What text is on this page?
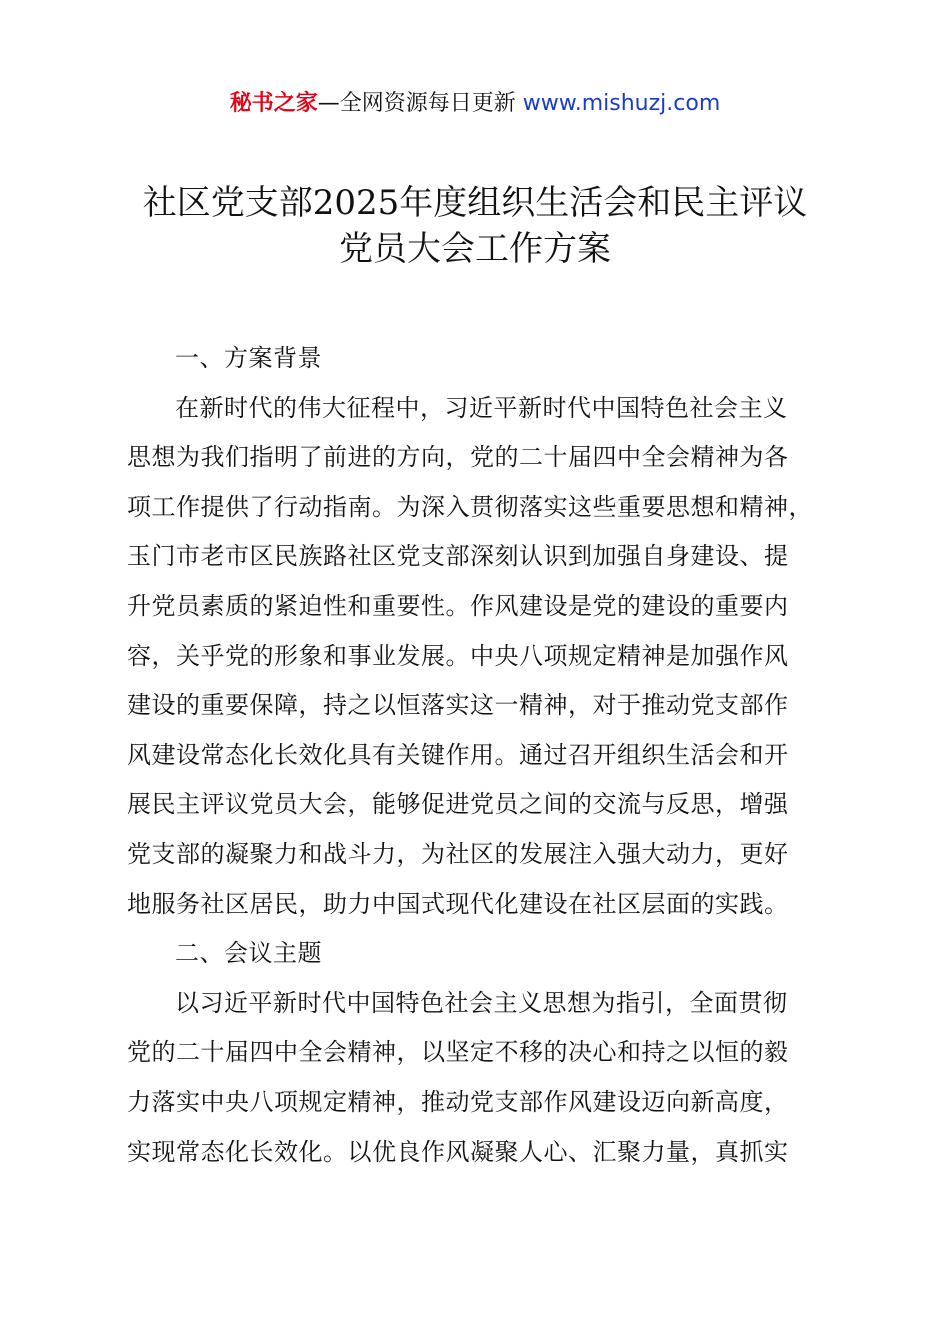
秘书之家—全网资源每日更新 www.mishuzj.com
社区党支部2025年度组织生活会和民主评议
党员大会工作方案
一、方案背景

在新时代的伟大征程中，习近平新时代中国特色社会主义
思想为我们指明了前进的方向，党的二十届四中全会精神为各
项工作提供了行动指南。为深入贯彻落实这些重要思想和精神，
玉门市老市区民族路社区党支部深刻认识到加强自身建设、提
升党员素质的紧迫性和重要性。作风建设是党的建设的重要内
容，关乎党的形象和事业发展。中央八项规定精神是加强作风
建设的重要保障，持之以恒落实这一精神，对于推动党支部作
风建设常态化长效化具有关键作用。通过召开组织生活会和开
展民主评议党员大会，能够促进党员之间的交流与反思，增强
党支部的凝聚力和战斗力，为社区的发展注入强大动力，更好
地服务社区居民，助力中国式现代化建设在社区层面的实践。

二、会议主题

以习近平新时代中国特色社会主义思想为指引，全面贯彻
党的二十届四中全会精神，以坚定不移的决心和持之以恒的毅
力落实中央八项规定精神，推动党支部作风建设迈向新高度，
实现常态化长效化。以优良作风凝聚人心、汇聚力量，真抓实
